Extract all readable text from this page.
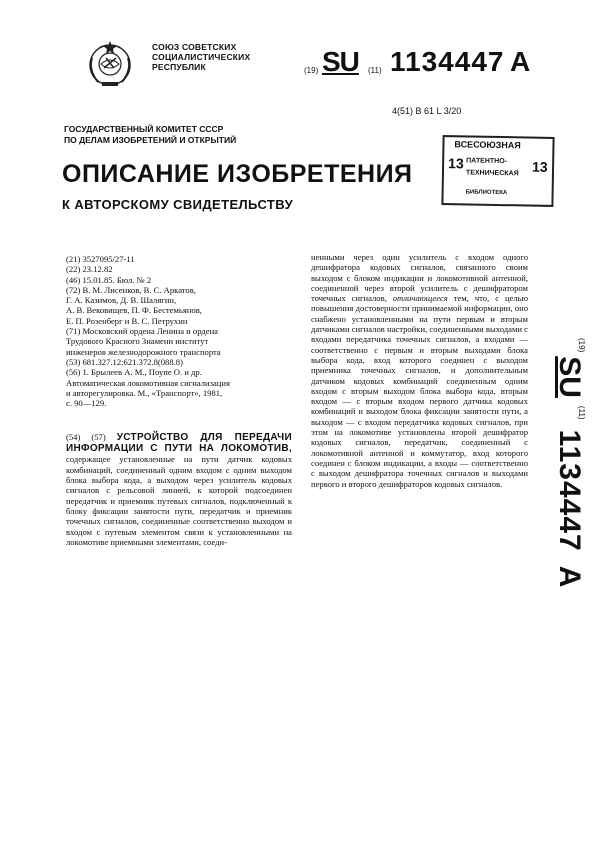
СОЮЗ СОВЕТСКИХ
СОЦИАЛИСТИЧЕСКИХ
РЕСПУБЛИК	(19) SU (11) 1134447 A
4(51) B 61 L 3/20
ГОСУДАРСТВЕННЫЙ КОМИТЕТ СССР
ПО ДЕЛАМ ИЗОБРЕТЕНИЙ И ОТКРЫТИЙ
ОПИСАНИЕ ИЗОБРЕТЕНИЯ
К АВТОРСКОМУ СВИДЕТЕЛЬСТВУ
ВСЕСОЮЗНАЯ
13 ПАТЕНТНО-
ТЕХНИЧЕСКАЯ
БИБЛИОТЕКА
13

(21) 3527095/27-11

(22) 23.12.82

(46) 15.01.85. Бюл. № 2

(72) В. М. Лисенков, В. С. Аркатов,

Г. А. Казимов, Д. В. Шалягин,

А. В. Вековищев, П. Ф. Бестемьянов,

Е. П. Розенберг и В. С. Петрухин

(71) Московский ордена Ленина и ордена

Трудового Красного Знамени институт

инженеров железнодорожного транспорта

(53) 681.327.12:621.372.8(088.8)

(56) 1. Брылеев А. М., Поупе О. и др.

Автоматическая локомотивная сигнализация

и авторегулировка. М., «Транспорт», 1981,

с. 90—129.

(54) (57) УСТРОЙСТВО ДЛЯ ПЕРЕДАЧИ ИНФОРМАЦИИ С ПУТИ НА ЛОКОМОТИВ, содержащее установленные на пути датчик кодовых комбинаций, соединенный одним входом с одним выходом блока выбора кода, а выходом через усилитель кодовых сигналов с рельсовой линией, к которой подсоединен передатчик и приемник путевых сигналов, подключенный к блоку фиксации занятости пути, передатчик и приемник точечных сигналов, соединенные соответственно выходом и входом с путевым элементом связи к установленными на локомотиве приемными элементами, соеди-
ненными через один усилитель с входом одного дешифратора кодовых сигналов, связанного своим выходом с блоком индикации и локомотивной антенной, соединенной через второй усилитель с дешифратором точечных сигналов, отличающееся тем, что, с целью повышения достоверности принимаемой информации, оно снабжено установленными на пути первым и вторым датчиками сигналов настройки, соединенными выходами с входами передатчика точечных сигналов, а входами — соответственно с первым и вторым выходами блока выбора кода, вход которого соединен с выходом приемника точечных сигналов, и дополнительным датчиком кодовых комбинаций соединенным одним входом с вторым выходом блока выбора кода, вторым входом — с вторым входом первого датчика кодовых комбинаций и выходом блока фиксации занятости пути, а выходом — с входом передатчика кодовых сигналов, при этом на локомотиве установлены второй дешифратор кодовых сигналов, передатчик, соединенный с локомотивной антенной и коммутатор, вход которого соединен с блоком индикации, а входы — соответственно с выходом дешифратора точечных сигналов и выходами первого и второго дешифраторов кодовых сигналов.
$^{(19)}$SU$^{(11)}$1134447A
